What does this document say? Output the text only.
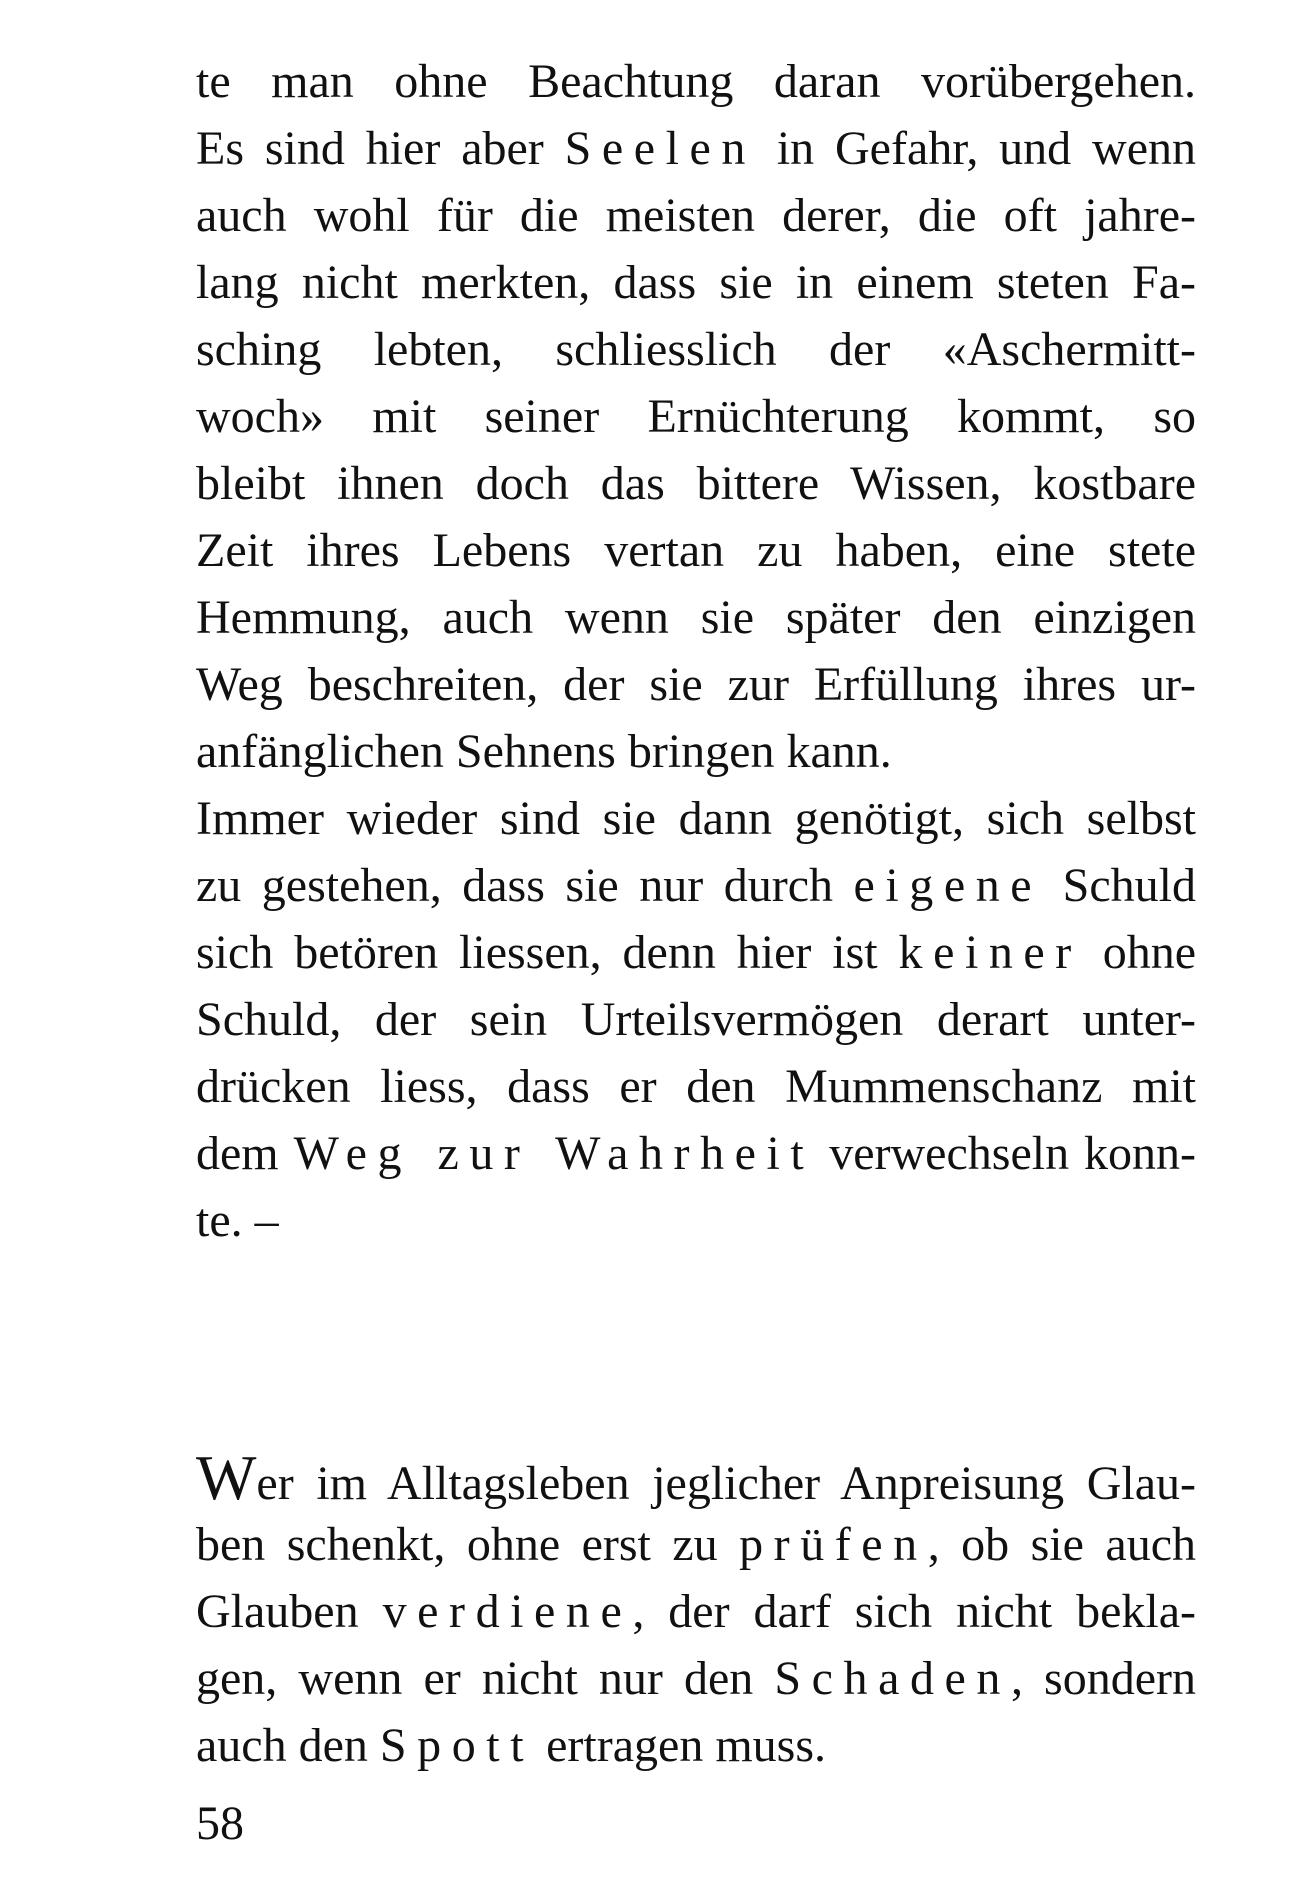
te man ohne Beachtung daran vorübergehen.
Es sind hier aber Seelen in Gefahr, und wenn
auch wohl für die meisten derer, die oft jahre-
lang nicht merkten, dass sie in einem steten Fa-
sching lebten, schliesslich der «Aschermitt-
woch» mit seiner Ernüchterung kommt, so
bleibt ihnen doch das bittere Wissen, kostbare
Zeit ihres Lebens vertan zu haben, eine stete
Hemmung, auch wenn sie später den einzigen
Weg beschreiten, der sie zur Erfüllung ihres ur-
anfänglichen Sehnens bringen kann.
Immer wieder sind sie dann genötigt, sich selbst
zu gestehen, dass sie nur durch eigene Schuld
sich betören liessen, denn hier ist keiner ohne
Schuld, der sein Urteilsvermögen derart unter-
drücken liess, dass er den Mummenschanz mit
dem Weg zur Wahrheit verwechseln konn-
te. –
Wer im Alltagsleben jeglicher Anpreisung Glau-
ben schenkt, ohne erst zu prüfen, ob sie auch
Glauben verdiene, der darf sich nicht bekla-
gen, wenn er nicht nur den Schaden, sondern
auch den Spott ertragen muss.
58
